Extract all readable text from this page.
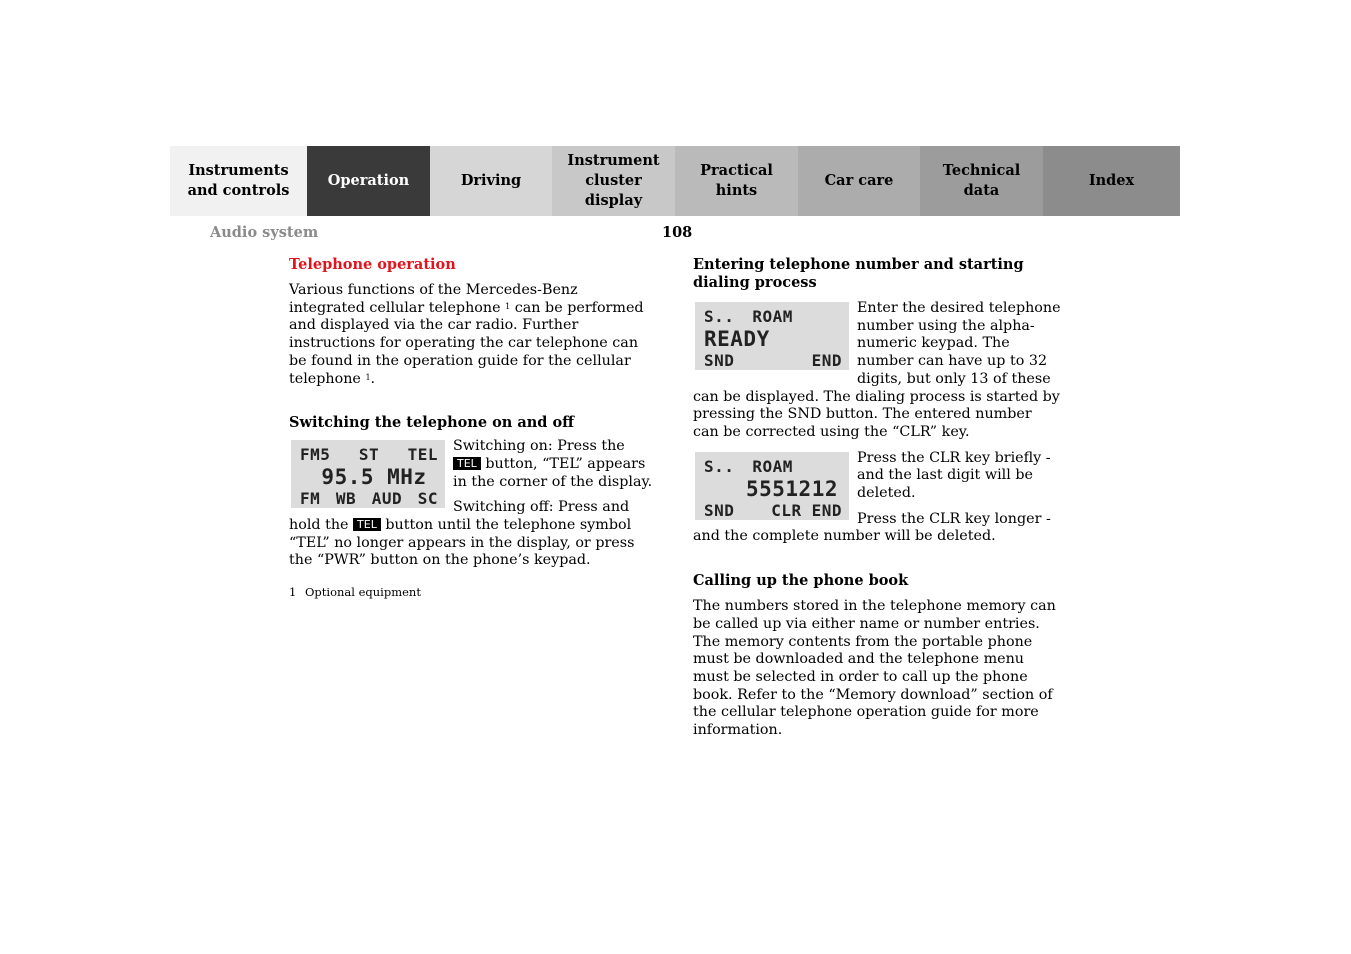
Instruments
and controls
Operation	Driving
Instrument
cluster display
Practical hints
Car care
Technical
data
Index
Audio system	108
Telephone operation

Various functions of the Mercedes-Benz integrated cellular telephone $^1$ can be performed and displayed via the car radio. Further instructions for operating the car telephone can be found in the operation guide for the cellular telephone $^1$.

Switching the telephone on and off
FM5 ST TEL
95.5 MHz
FM WB AUD SC

Switching on: Press the TEL button, “TEL” appears in the corner of the display.

Switching off: Press and hold the TEL button until the telephone symbol “TEL” no longer appears in the display, or press the “PWR” button on the phone’s keypad.

1 Optional equipment
Entering telephone number and starting dialing process
S.. ROAM
READY
SND	END

Enter the desired telephone number using the alpha-numeric keypad. The number can have up to 32 digits, but only 13 of these can be displayed. The dialing process is started by pressing the SND button. The entered number can be corrected using the “CLR” key.

S.. ROAM
5551212
SND CLR END

Press the CLR key briefly - and the last digit will be deleted.

Press the CLR key longer - and the complete number will be deleted.

Calling up the phone book

The numbers stored in the telephone memory can be called up via either name or number entries. The memory contents from the portable phone must be downloaded and the telephone menu must be selected in order to call up the phone book. Refer to the “Memory download” section of the cellular telephone operation guide for more information.
